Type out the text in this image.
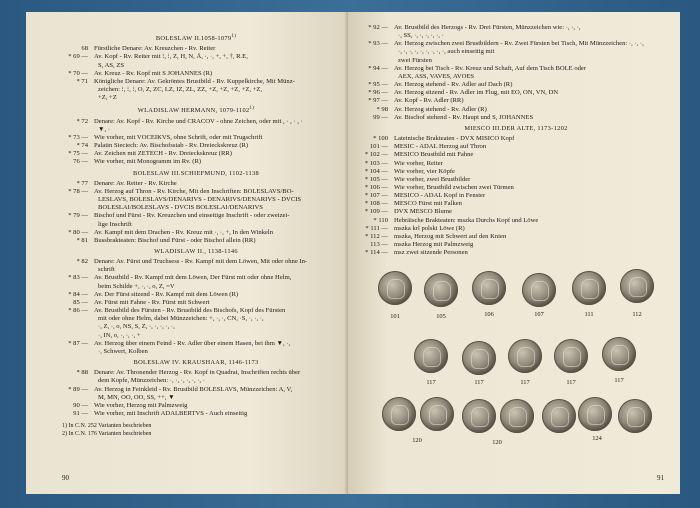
BOLESLAW II.1058-1079$^{1)}$
68 Fürstliche Denare: Av. Kreuzchen - Rv. Reiter
* 69 — Av. Kopf - Rv. Reiter mit ⁝, ⁝, Z, H, N, Å, ·, ·, +, +, †, R.E,
S, AS, ZS
* 70 — Av. Kreuz - Rv. Kopf mit S JOHANNES (R)
* 71 Königliche Denare: Av. Gekröntes Brustbild - Rv. Kuppelkirche, Mit Münz-
zeichen: ⁝, ⁝, ⁝, O, Z, ZC, LZ, IZ, ZL, ZZ, +Z, +Z, +Z, +Z, +Z,
+Z, +Z
WLADISLAW HERMANN, 1079-1102$^{1)}$
* 72 Denare: Av. Kopf - Rv. Kirche und CRACOV - ohne Zeichen, oder mit , · , · , ·
▼, ·
* 73 — Wie vorher, mit VOCEIKVS, ohne Schrift, oder mit Trugschrift
* 74 Palatin Sieciech: Av. Bischofsstab - Rv. Dreieckskreuz (R)
* 75 — Av. Zeichen mit ZETECH - Rv. Dreieckskreuz (RR)
76 — Wie vorher, mit Monogramm im Rv. (R)
BOLESLAW III.SCHIEFMUND, 1102-1138
* 77 Denare: Av. Reiter - Rv. Kirche
* 78 — Av. Herzog auf Thron - Rv. Kirche, Mit den Inschriften: BOLESLAVS/BO-
LESLAVS, BOLESLAVS/DENARIVS - DENARIVS/DENARIVS - DVCIS
BOLESLAI/BOLESLAVS - DVCIS BOLESLAI/DENARIVS
* 79 — Bischof und Fürst - Rv. Kreuzchen und einseitige Inschrift - oder zweizei-
lige Inschrift
* 80 — Av. Kampf mit dem Drachen - Rv. Kreuz mit ·, ·, +, In den Winkeln
* 81 Bussbrakteaten: Bischof und Fürst - oder Bischof allein (RR)
WLADISLAW II., 1138-1146
* 82 Denare: Av. Fürst und Truchsess - Rv. Kampf mit dem Löwen, Mit oder ohne In-
schrift
* 83 — Av. Brustbild - Rv. Kampf mit dem Löwen, Der Fürst mit oder ohne Helm,
beim Schilde +, ·, ·, o, Z, =V
* 84 — Av. Der Fürst sitzend - Rv. Kampf mit dem Löwen (R)
85 — Av. Fürst mit Fahne - Rv. Fürst mit Schwert
* 86 — Av. Brustbild des Fürsten - Rv. Brustbild des Bischofs, Kopf des Fürsten
mit oder ohne Helm, dabei Münzzeichen: +, ·, ·, CN, ·S, ·, ·, ·,
·, Z, ·, o, NS, S, Z, ·, ·, ·, ·, ·,
·, IN, o, ·, ·, ·, +
* 87 — Av. Herzog über einem Feind - Rv. Adler über einem Hasen, bei ihm ▼, ·,
·, Schwert, Kolben
BOLESLAW IV. KRAUSHAAR, 1146-1173
* 88 Denare: Av. Thronender Herzog - Rv. Kopf in Quadrat, Inschriften rechts über
dem Kopfe, Münzzeichen: ·, ·, ·, ·, ·, ·, ·
* 89 — Av. Herzog in Feinkleid - Rv. Brustbild BOLESLAVS, Münzzeichen: A, V,
M, MN, OO, OO, SS, ++, ▼
90 — Wie vorher, Herzog mit Palmzweig
91 — Wie vorher, mit Inschrift ADALBERTVS - Auch einseitig
1) In C.N. 252 Varianten beschrieben
2) In C.N. 176 Varianten beschrieben
90
* 92 — Av. Brustbild des Herzogs - Rv. Drei Fürsten, Münzzeichen wie: ·, ·, ·,
·, SS, ·, ·, ·, ·, ·, ·
* 93 — Av. Herzog zwischen zwei Brustbildern - Rv. Zwei Fürsten bei Tisch, Mit Münzzeichen: ·, ·, ·,
·, ·, ·, ·, ·, ·, ·, ·, ·, auch einseitig mit
zwei Fürsten
* 94 — Av. Herzog bei Tisch - Rv. Kreuz und Schaft, Auf dem Tisch BOLE oder
AEX, ASS, VAVES, AVOES
* 95 — Av. Herzog stehend - Rv. Adler auf Dach (R)
* 96 — Av. Herzog sitzend - Rv. Adler im Flug, mit EO, ON, VN, DN
* 97 — Av. Kopf - Rv. Adler (RR)
* 98 Av. Herzog stehend - Rv. Adler (R)
99 — Av. Bischof stehend - Rv. Haupt und S, JOHANNES
MIESCO III.DER ALTE, 1173-1202
* 100 Lateinische Brakteaten - DVX MISICO Kopf
101 — MESIC - ADAL Herzog auf Thron
* 102 — MESICO Brustbild mit Fahne
* 103 — Wie vorher, Reiter
* 104 — Wie vorher, vier Köpfe
* 105 — Wie vorher, zwei Brustbilder
* 106 — Wie vorher, Brustbild zwischen zwei Türmen
* 107 — MESICO - ADAL Kopf in Fenster
* 108 — MESCO Fürst mit Falken
* 109 — DVX MESCO Blume
* 110 Hebräische Brakteaten: mszka Durchs Kopf und Löwe
* 111 — mszka krl polski Löwe (R)
* 112 — mszka, Herzog mit Schwert auf den Knien
113 — mszka Herzog mit Palmzweig
* 114 — msz zwei sitzende Personen
101	105	106	107	111	112
117	117	117	117	117
120	120
124
91
